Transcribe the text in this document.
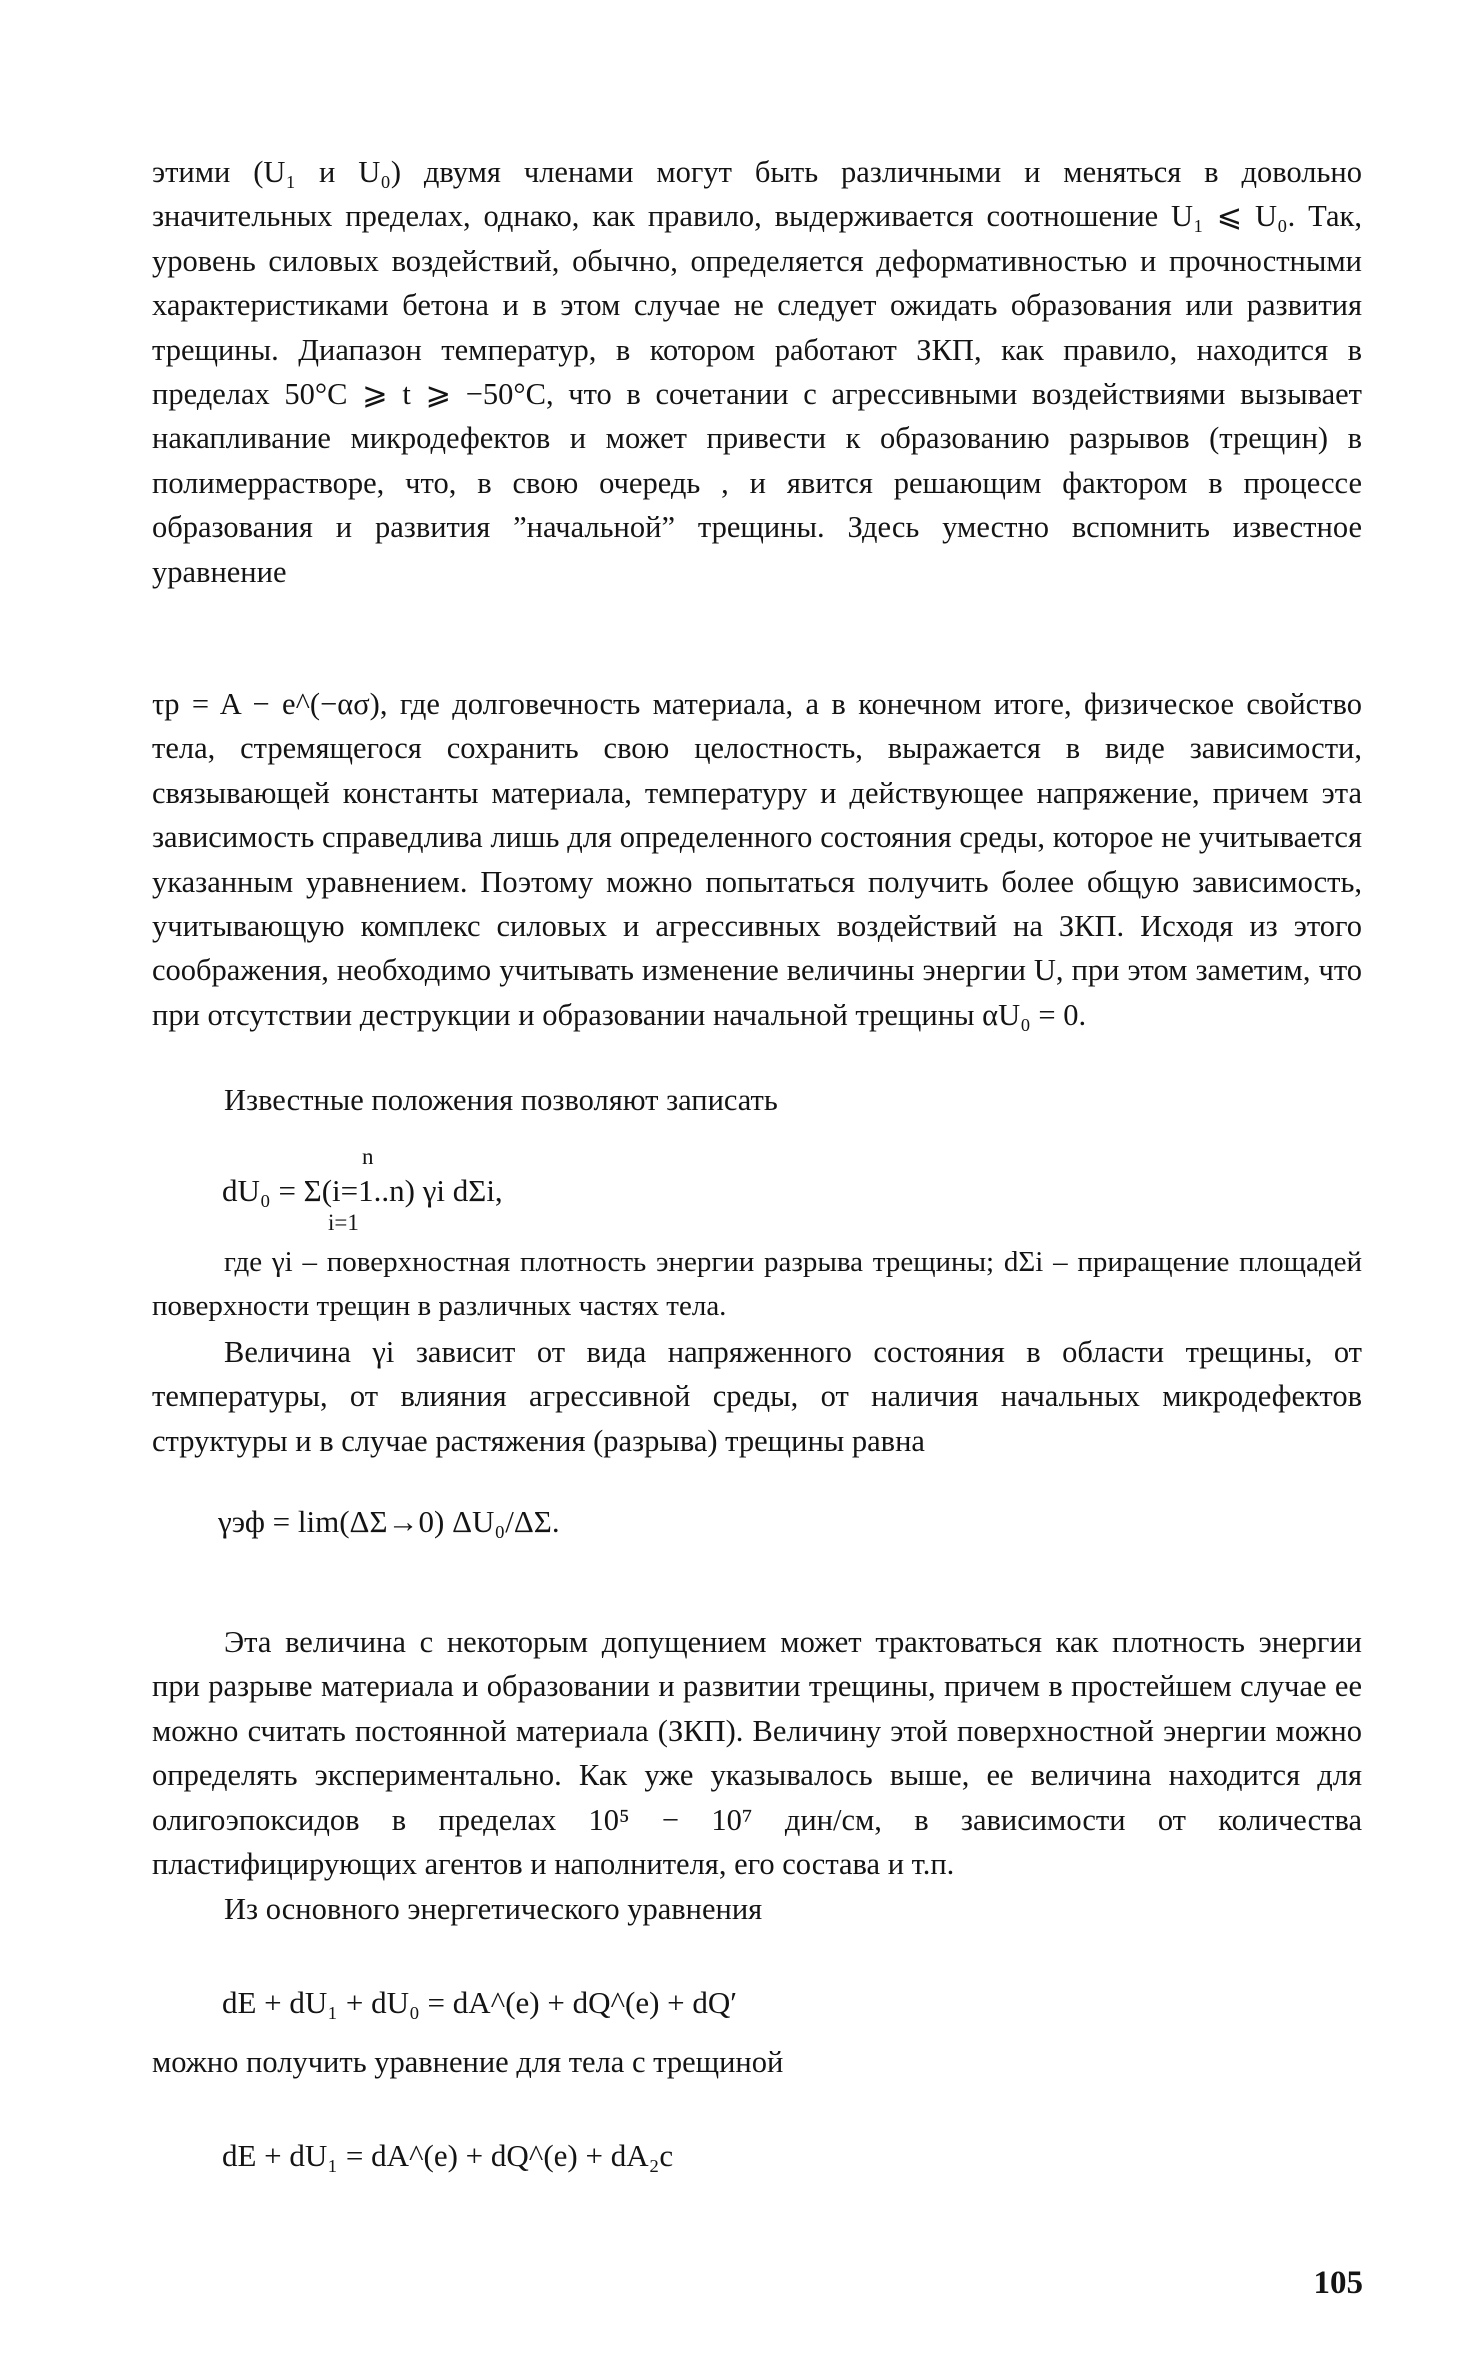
этими (U₁ и U₀) двумя членами могут быть различными и меняться в довольно значительных пределах, однако, как правило, выдерживается соотношение U₁ ⩽ U₀. Так, уровень силовых воздействий, обычно, определяется деформативностью и прочностными характеристиками бетона и в этом случае не следует ожидать образования или развития трещины. Диапазон температур, в котором работают ЗКП, как правило, находится в пределах 50°C ⩾ t ⩾ −50°C, что в сочетании с агрессивными воздействиями вызывает накапливание микродефектов и может привести к образованию разрывов (трещин) в полимеррастворе, что, в свою очередь , и явится решающим фактором в процессе образования и развития ”начальной” трещины. Здесь уместно вспомнить известное уравнение

τp = A − e^(−ασ), где долговечность материала, а в конечном итоге, физическое свойство тела, стремящегося сохранить свою целостность, выражается в виде зависимости, связывающей константы материала, температуру и действующее напряжение, причем эта зависимость справедлива лишь для определенного состояния среды, которое не учитывается указанным уравнением. Поэтому можно попытаться получить более общую зависимость, учитывающую комплекс силовых и агрессивных воздействий на ЗКП. Исходя из этого соображения, необходимо учитывать изменение величины энергии U, при этом заметим, что при отсутствии деструкции и образовании начальной трещины αU₀ = 0.

Известные положения позволяют записать

n
dU₀ = Σ(i=1..n) γi dΣi,
i=1

где γi – поверхностная плотность энергии разрыва трещины; dΣi – приращение площадей поверхности трещин в различных частях тела.

Величина γi зависит от вида напряженного состояния в области трещины, от температуры, от влияния агрессивной среды, от наличия начальных микродефектов структуры и в случае растяжения (разрыва) трещины равна

γэф = lim(ΔΣ→0) ΔU₀/ΔΣ.

Эта величина с некоторым допущением может трактоваться как плотность энергии при разрыве материала и образовании и развитии трещины, причем в простейшем случае ее можно считать постоянной материала (ЗКП). Величину этой поверхностной энергии можно определять экспериментально. Как уже указывалось выше, ее величина находится для олигоэпоксидов в пределах 10⁵ − 10⁷ дин/см, в зависимости от количества пластифицирующих агентов и наполнителя, его состава и т.п.

Из основного энергетического уравнения

dE + dU₁ + dU₀ = dA^(e) + dQ^(e) + dQ′

можно получить уравнение для тела с трещиной

dE + dU₁ = dA^(e) + dQ^(e) + dA₂c
105
